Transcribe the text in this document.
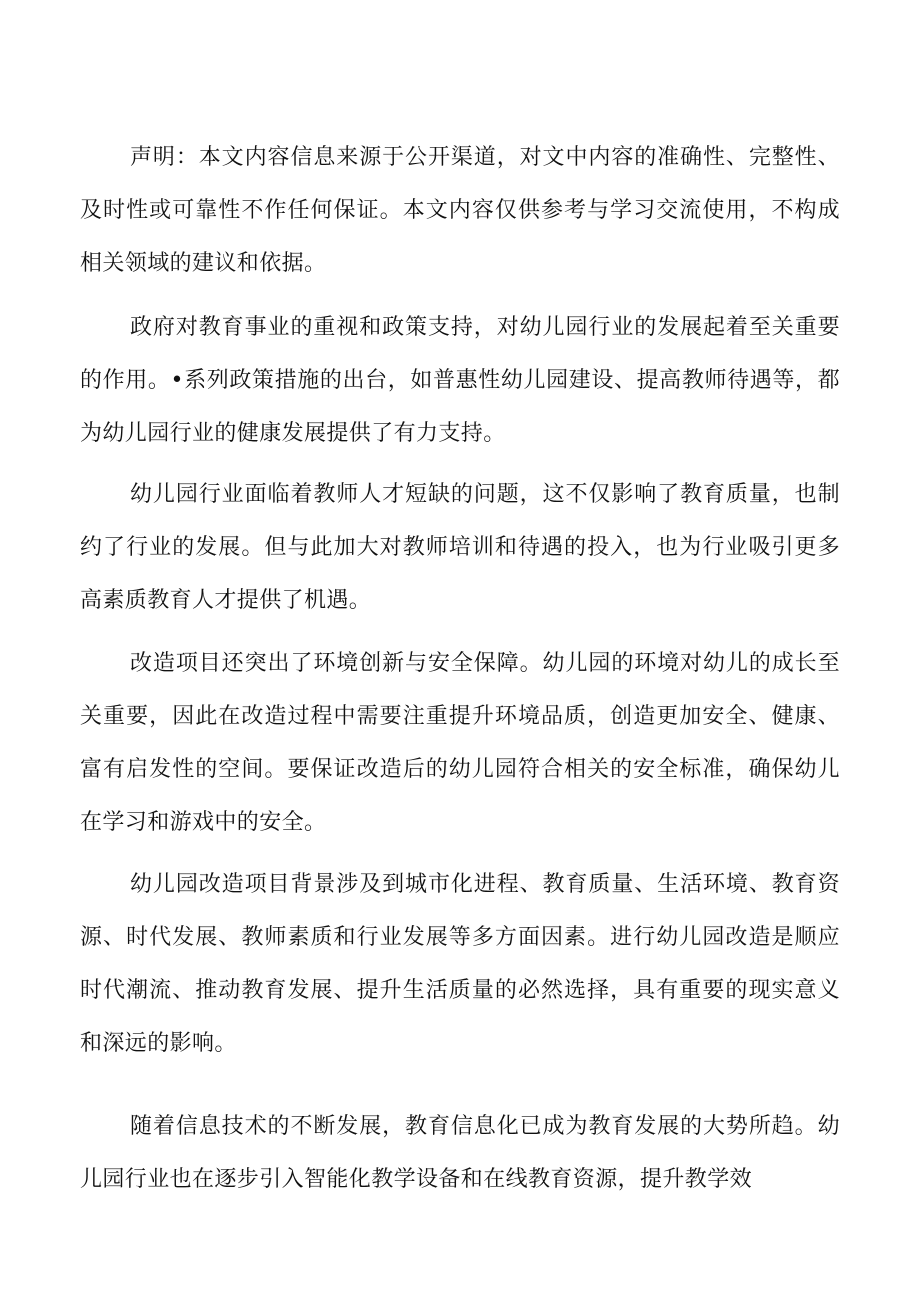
声明：本文内容信息来源于公开渠道，对文中内容的准确性、完整性、及时性或可靠性不作任何保证。本文内容仅供参考与学习交流使用，不构成相关领域的建议和依据。

政府对教育事业的重视和政策支持，对幼儿园行业的发展起着至关重要的作用。•系列政策措施的出台，如普惠性幼儿园建设、提高教师待遇等，都为幼儿园行业的健康发展提供了有力支持。

幼儿园行业面临着教师人才短缺的问题，这不仅影响了教育质量，也制约了行业的发展。但与此加大对教师培训和待遇的投入，也为行业吸引更多高素质教育人才提供了机遇。

改造项目还突出了环境创新与安全保障。幼儿园的环境对幼儿的成长至关重要，因此在改造过程中需要注重提升环境品质，创造更加安全、健康、富有启发性的空间。要保证改造后的幼儿园符合相关的安全标准，确保幼儿在学习和游戏中的安全。

幼儿园改造项目背景涉及到城市化进程、教育质量、生活环境、教育资源、时代发展、教师素质和行业发展等多方面因素。进行幼儿园改造是顺应时代潮流、推动教育发展、提升生活质量的必然选择，具有重要的现实意义和深远的影响。

随着信息技术的不断发展，教育信息化已成为教育发展的大势所趋。幼儿园行业也在逐步引入智能化教学设备和在线教育资源，提升教学效
